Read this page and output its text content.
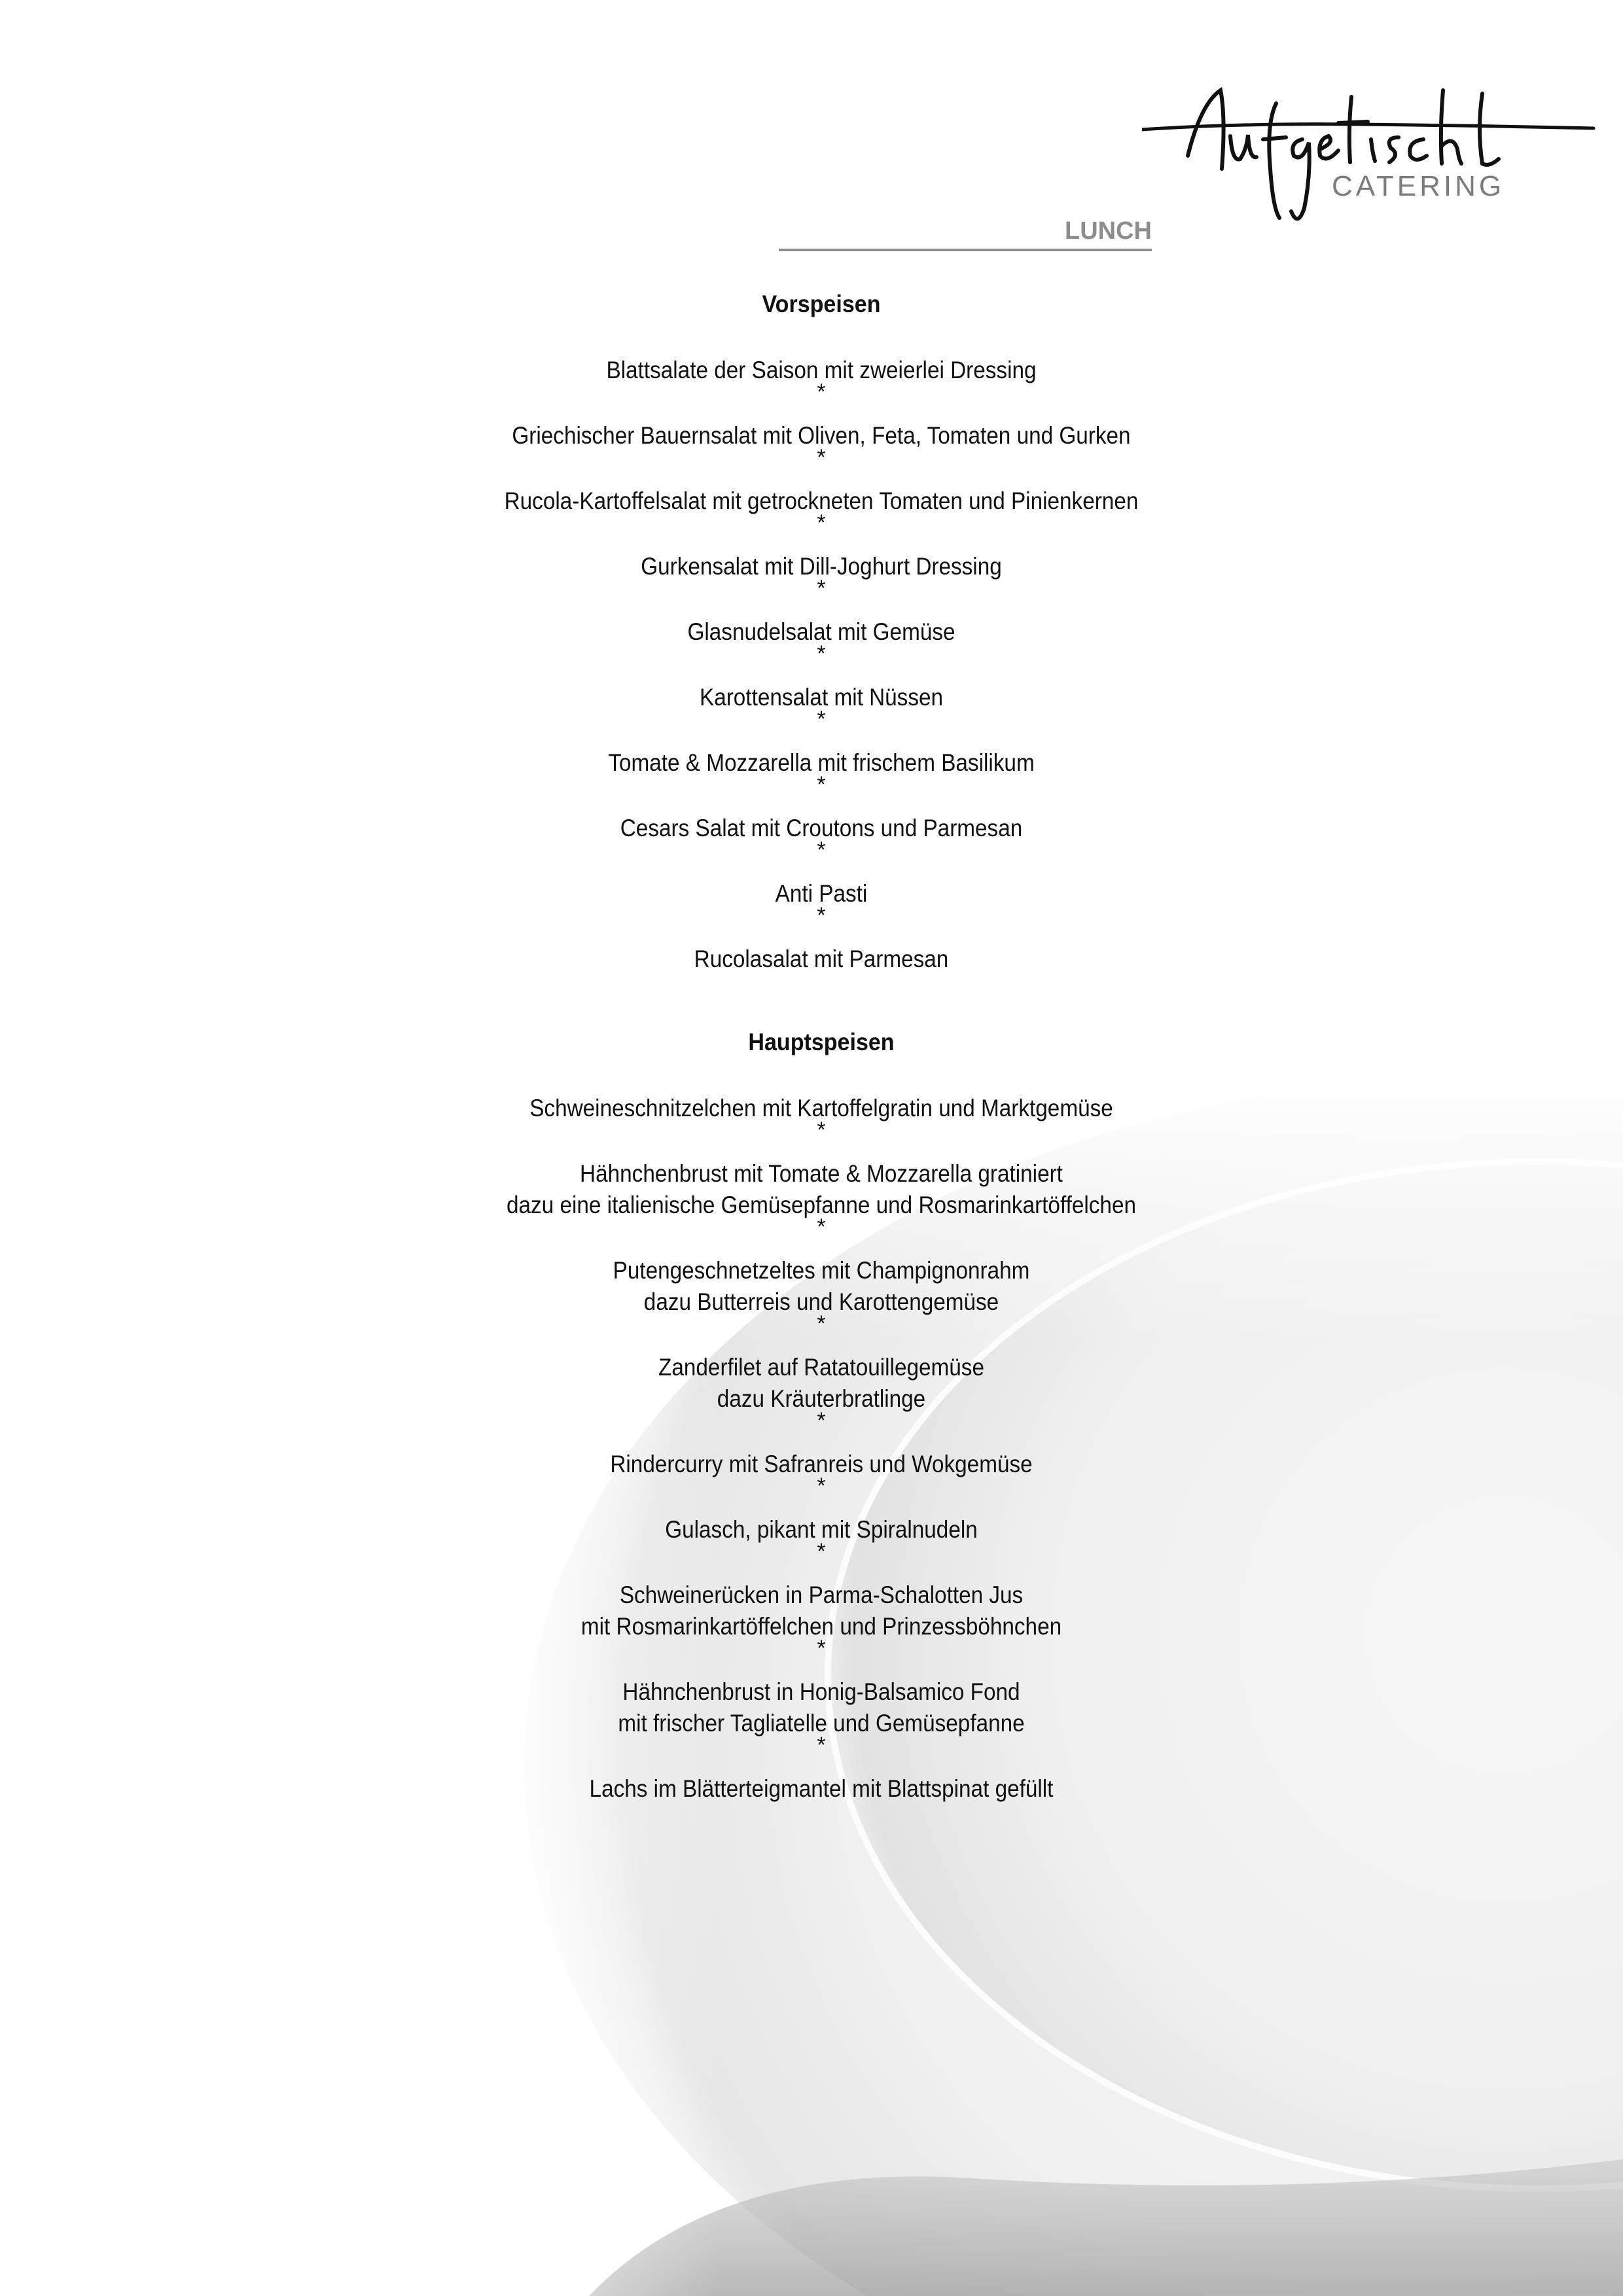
CATERING
LUNCH
Vorspeisen
Blattsalate der Saison mit zweierlei Dressing
*
Griechischer Bauernsalat mit Oliven, Feta, Tomaten und Gurken
*
Rucola-Kartoffelsalat mit getrockneten Tomaten und Pinienkernen
*
Gurkensalat mit Dill-Joghurt Dressing
*
Glasnudelsalat mit Gemüse
*
Karottensalat mit Nüssen
*
Tomate & Mozzarella mit frischem Basilikum
*
Cesars Salat mit Croutons und Parmesan
*
Anti Pasti
*
Rucolasalat mit Parmesan
Hauptspeisen
Schweineschnitzelchen mit Kartoffelgratin und Marktgemüse
*
Hähnchenbrust mit Tomate & Mozzarella gratiniert
dazu eine italienische Gemüsepfanne und Rosmarinkartöffelchen
*
Putengeschnetzeltes mit Champignonrahm
dazu Butterreis und Karottengemüse
*
Zanderfilet auf Ratatouillegemüse
dazu Kräuterbratlinge
*
Rindercurry mit Safranreis und Wokgemüse
*
Gulasch, pikant mit Spiralnudeln
*
Schweinerücken in Parma-Schalotten Jus
mit Rosmarinkartöffelchen und Prinzessböhnchen
*
Hähnchenbrust in Honig-Balsamico Fond
mit frischer Tagliatelle und Gemüsepfanne
*
Lachs im Blätterteigmantel mit Blattspinat gefüllt
